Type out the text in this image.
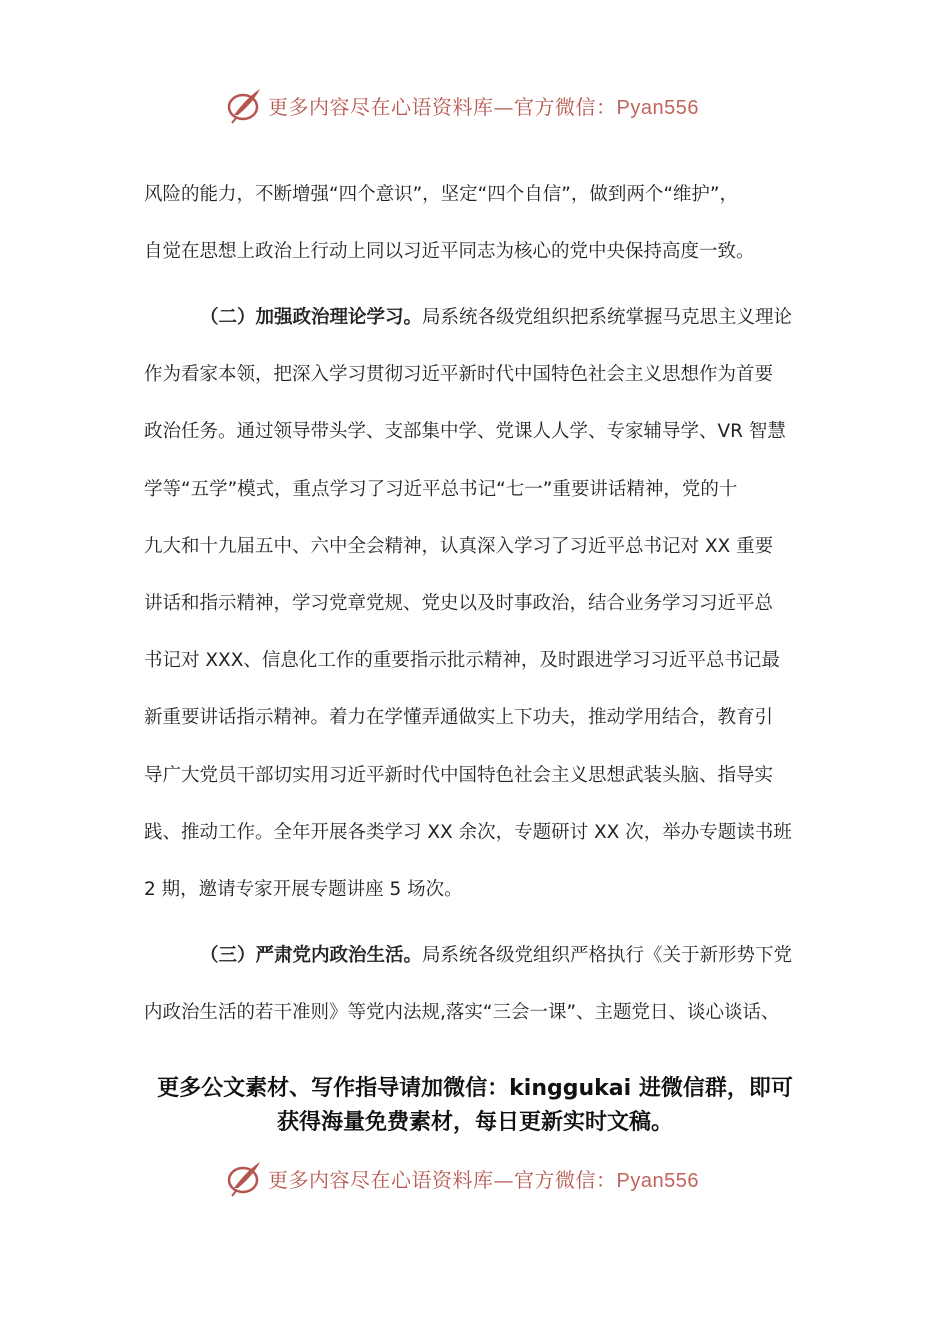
更多内容尽在心语资料库—官方微信：Pyan556
风险的能力，不断增强“四个意识”，坚定“四个自信”，做到两个“维护”，
自觉在思想上政治上行动上同以习近平同志为核心的党中央保持高度一致。
（二）加强政治理论学习。局系统各级党组织把系统掌握马克思主义理论
作为看家本领，把深入学习贯彻习近平新时代中国特色社会主义思想作为首要
政治任务。通过领导带头学、支部集中学、党课人人学、专家辅导学、VR 智慧
学等“五学”模式，重点学习了习近平总书记“七一”重要讲话精神，党的十
九大和十九届五中、六中全会精神，认真深入学习了习近平总书记对 XX 重要
讲话和指示精神，学习党章党规、党史以及时事政治，结合业务学习习近平总
书记对 XXX、信息化工作的重要指示批示精神，及时跟进学习习近平总书记最
新重要讲话指示精神。着力在学懂弄通做实上下功夫，推动学用结合，教育引
导广大党员干部切实用习近平新时代中国特色社会主义思想武装头脑、指导实
践、推动工作。全年开展各类学习 XX 余次，专题研讨 XX 次，举办专题读书班
2 期，邀请专家开展专题讲座 5 场次。
（三）严肃党内政治生活。局系统各级党组织严格执行《关于新形势下党
内政治生活的若干准则》等党内法规,落实“三会一课”、主题党日、谈心谈话、
更多公文素材、写作指导请加微信：kinggukai 进微信群，即可
获得海量免费素材，每日更新实时文稿。
更多内容尽在心语资料库—官方微信：Pyan556
